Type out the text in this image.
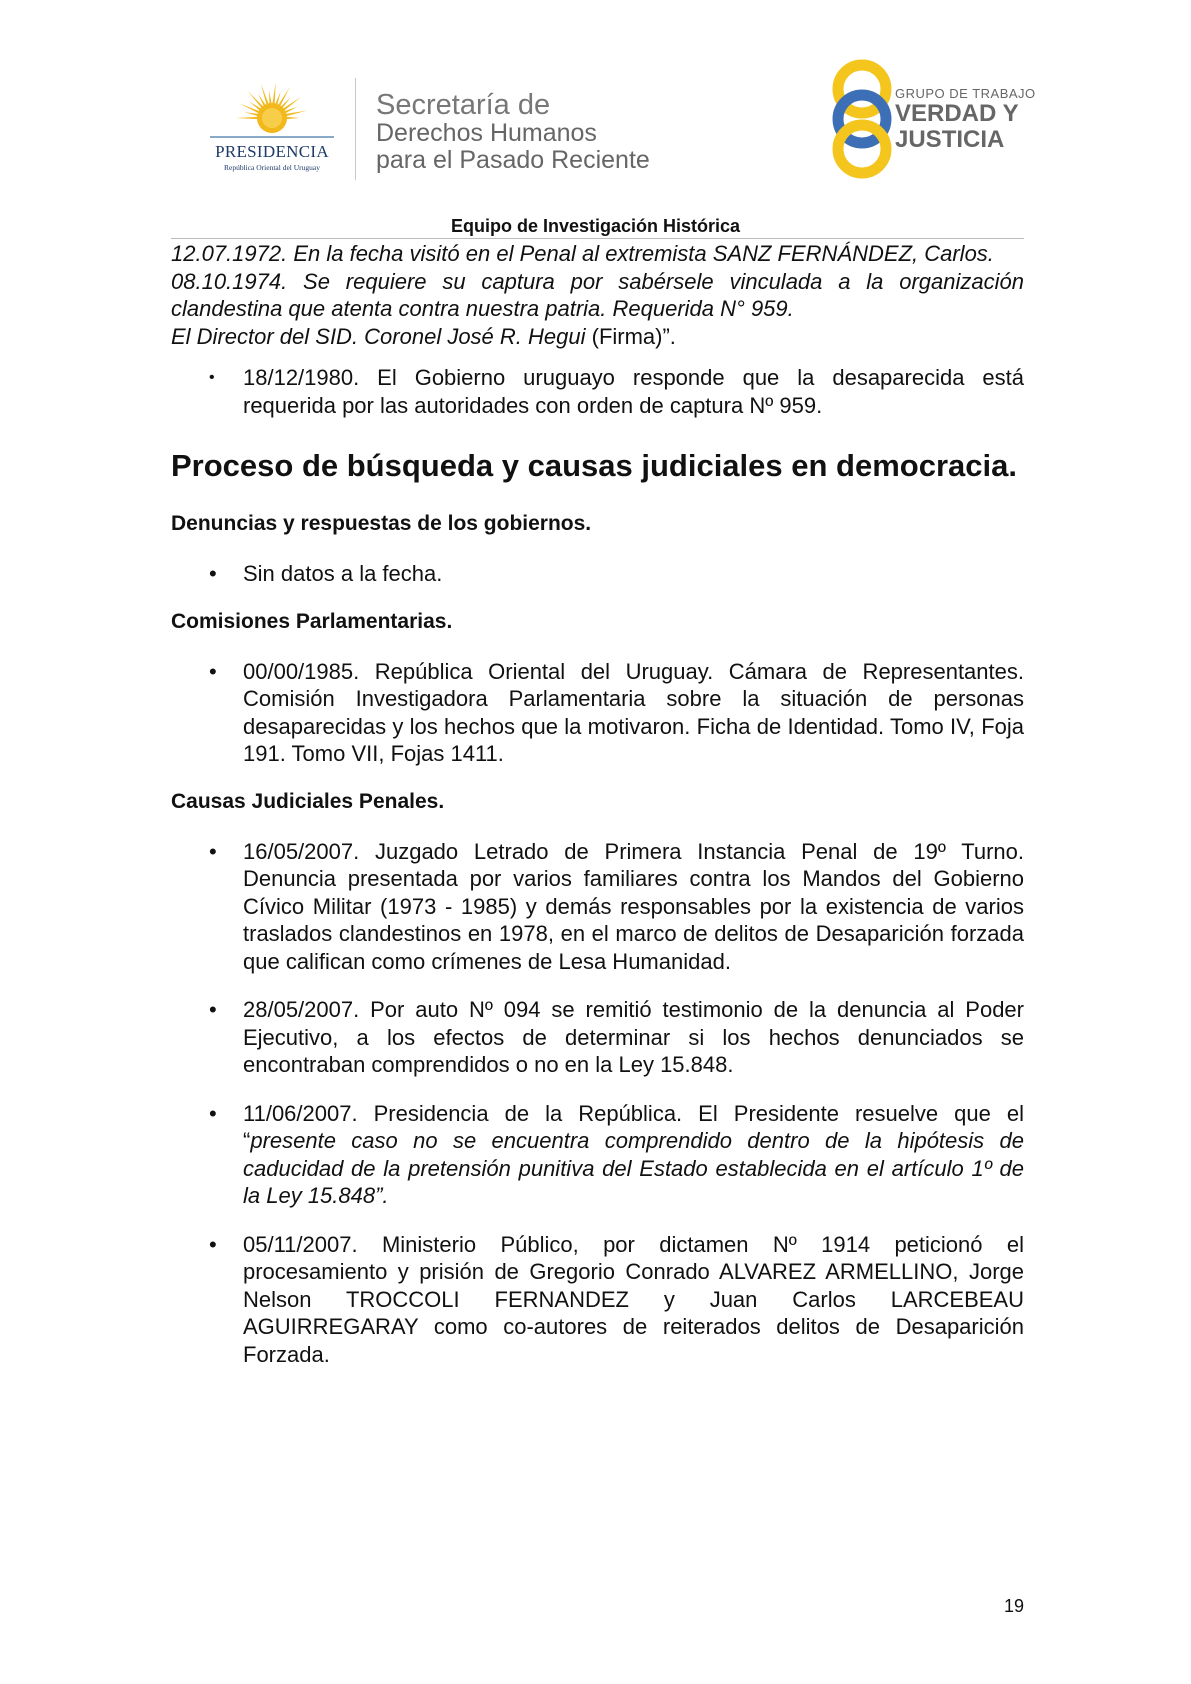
PRESIDENCIA
República Oriental del Uruguay
Secretaría de
Derechos Humanos
para el Pasado Reciente
GRUPO DE TRABAJO
VERDAD Y
JUSTICIA
Equipo de Investigación Histórica

12.07.1972. En la fecha visitó en el Penal al extremista SANZ FERNÁNDEZ, Carlos.

08.10.1974. Se requiere su captura por sabérsele vinculada a la organización clandestina que atenta contra nuestra patria. Requerida N° 959.

El Director del SID. Coronel José R. Hegui (Firma)”.

•	18/12/1980. El Gobierno uruguayo responde que la desaparecida está requerida por las autoridades con orden de captura Nº 959.
Proceso de búsqueda y causas judiciales en democracia.
Denuncias y respuestas de los gobiernos.
•	Sin datos a la fecha.
Comisiones Parlamentarias.
•	00/00/1985. República Oriental del Uruguay. Cámara de Representantes. Comisión Investigadora Parlamentaria sobre la situación de personas desaparecidas y los hechos que la motivaron. Ficha de Identidad. Tomo IV, Foja 191. Tomo VII, Fojas 1411.
Causas Judiciales Penales.
•	16/05/2007. Juzgado Letrado de Primera Instancia Penal de 19º Turno. Denuncia presentada por varios familiares contra los Mandos del Gobierno Cívico Militar (1973 - 1985) y demás responsables por la existencia de varios traslados clandestinos en 1978, en el marco de delitos de Desaparición forzada que califican como crímenes de Lesa Humanidad.
•	28/05/2007. Por auto Nº 094 se remitió testimonio de la denuncia al Poder Ejecutivo, a los efectos de determinar si los hechos denunciados se encontraban comprendidos o no en la Ley 15.848.
•	11/06/2007. Presidencia de la República. El Presidente resuelve que el “presente caso no se encuentra comprendido dentro de la hipótesis de caducidad de la pretensión punitiva del Estado establecida en el artículo 1º de la Ley 15.848”.
•	05/11/2007. Ministerio Público, por dictamen Nº 1914 peticionó el procesamiento y prisión de Gregorio Conrado ALVAREZ ARMELLINO, Jorge Nelson TROCCOLI FERNANDEZ y Juan Carlos LARCEBEAU AGUIRREGARAY como co-autores de reiterados delitos de Desaparición Forzada.
19
